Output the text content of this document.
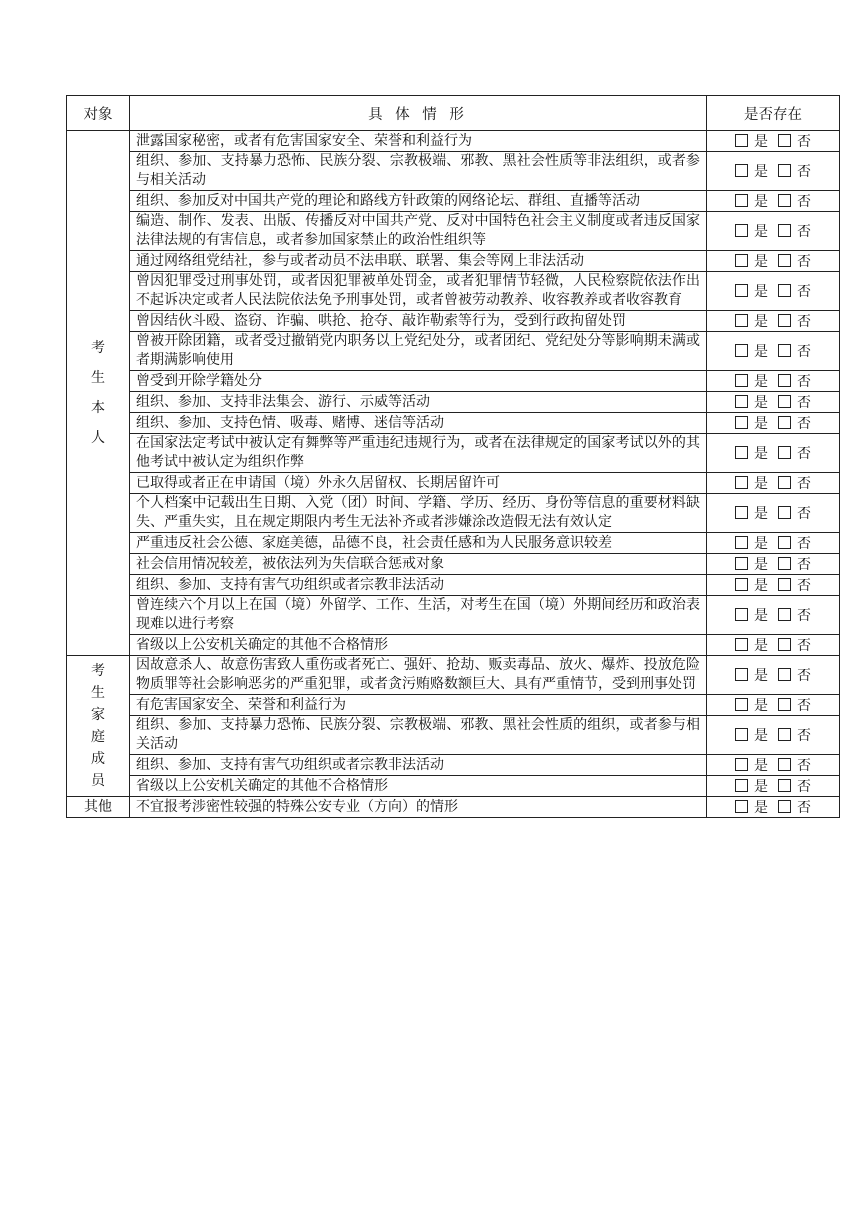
对象	具 体 情 形	是否存在
考生本人	泄露国家秘密，或者有危害国家安全、荣誉和利益行为	是 否
	组织、参加、支持暴力恐怖、民族分裂、宗教极端、邪教、黑社会性质等非法组织，或者参与相关活动	是 否
	组织、参加反对中国共产党的理论和路线方针政策的网络论坛、群组、直播等活动	是 否
	编造、制作、发表、出版、传播反对中国共产党、反对中国特色社会主义制度或者违反国家法律法规的有害信息，或者参加国家禁止的政治性组织等	是 否
	通过网络组党结社，参与或者动员不法串联、联署、集会等网上非法活动	是 否
	曾因犯罪受过刑事处罚，或者因犯罪被单处罚金，或者犯罪情节轻微，人民检察院依法作出不起诉决定或者人民法院依法免予刑事处罚，或者曾被劳动教养、收容教养或者收容教育	是 否
	曾因结伙斗殴、盗窃、诈骗、哄抢、抢夺、敲诈勒索等行为，受到行政拘留处罚	是 否
	曾被开除团籍，或者受过撤销党内职务以上党纪处分，或者团纪、党纪处分等影响期未满或者期满影响使用	是 否
	曾受到开除学籍处分	是 否
	组织、参加、支持非法集会、游行、示威等活动	是 否
	组织、参加、支持色情、吸毒、赌博、迷信等活动	是 否
	在国家法定考试中被认定有舞弊等严重违纪违规行为，或者在法律规定的国家考试以外的其他考试中被认定为组织作弊	是 否
	已取得或者正在申请国（境）外永久居留权、长期居留许可	是 否
	个人档案中记载出生日期、入党（团）时间、学籍、学历、经历、身份等信息的重要材料缺失、严重失实，且在规定期限内考生无法补齐或者涉嫌涂改造假无法有效认定	是 否
	严重违反社会公德、家庭美德，品德不良，社会责任感和为人民服务意识较差	是 否
	社会信用情况较差，被依法列为失信联合惩戒对象	是 否
	组织、参加、支持有害气功组织或者宗教非法活动	是 否
	曾连续六个月以上在国（境）外留学、工作、生活，对考生在国（境）外期间经历和政治表现难以进行考察	是 否
	省级以上公安机关确定的其他不合格情形	是 否
考生家庭成员	因故意杀人、故意伤害致人重伤或者死亡、强奸、抢劫、贩卖毒品、放火、爆炸、投放危险物质罪等社会影响恶劣的严重犯罪，或者贪污贿赂数额巨大、具有严重情节，受到刑事处罚	是 否
	有危害国家安全、荣誉和利益行为	是 否
	组织、参加、支持暴力恐怖、民族分裂、宗教极端、邪教、黑社会性质的组织，或者参与相关活动	是 否
	组织、参加、支持有害气功组织或者宗教非法活动	是 否
	省级以上公安机关确定的其他不合格情形	是 否
其他	不宜报考涉密性较强的特殊公安专业（方向）的情形	是 否
